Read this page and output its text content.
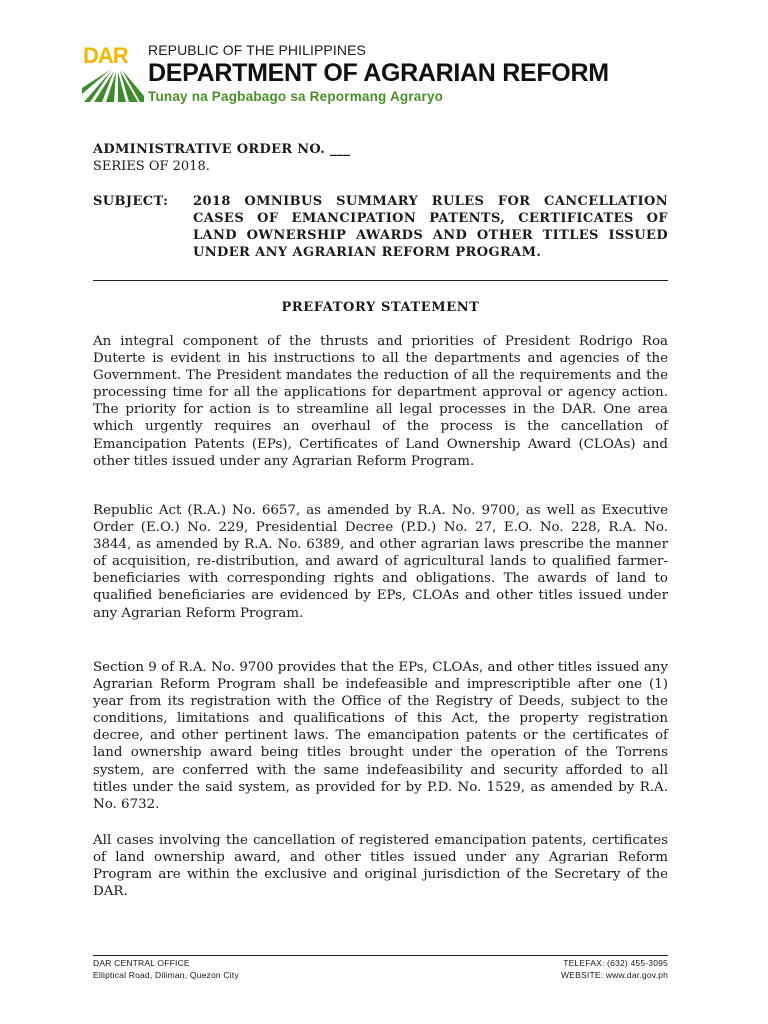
DAR REPUBLIC OF THE PHILIPPINES
DEPARTMENT OF AGRARIAN REFORM
Tunay na Pagbabago sa Repormang Agraryo
ADMINISTRATIVE ORDER NO. ___
SERIES OF 2018.
SUBJECT: 2018 OMNIBUS SUMMARY RULES FOR CANCELLATION CASES OF EMANCIPATION PATENTS, CERTIFICATES OF LAND OWNERSHIP AWARDS AND OTHER TITLES ISSUED UNDER ANY AGRARIAN REFORM PROGRAM.
PREFATORY STATEMENT
An integral component of the thrusts and priorities of President Rodrigo Roa Duterte is evident in his instructions to all the departments and agencies of the Government. The President mandates the reduction of all the requirements and the processing time for all the applications for department approval or agency action. The priority for action is to streamline all legal processes in the DAR. One area which urgently requires an overhaul of the process is the cancellation of Emancipation Patents (EPs), Certificates of Land Ownership Award (CLOAs) and other titles issued under any Agrarian Reform Program.
Republic Act (R.A.) No. 6657, as amended by R.A. No. 9700, as well as Executive Order (E.O.) No. 229, Presidential Decree (P.D.) No. 27, E.O. No. 228, R.A. No. 3844, as amended by R.A. No. 6389, and other agrarian laws prescribe the manner of acquisition, re-distribution, and award of agricultural lands to qualified farmer-beneficiaries with corresponding rights and obligations. The awards of land to qualified beneficiaries are evidenced by EPs, CLOAs and other titles issued under any Agrarian Reform Program.
Section 9 of R.A. No. 9700 provides that the EPs, CLOAs, and other titles issued any Agrarian Reform Program shall be indefeasible and imprescriptible after one (1) year from its registration with the Office of the Registry of Deeds, subject to the conditions, limitations and qualifications of this Act, the property registration decree, and other pertinent laws. The emancipation patents or the certificates of land ownership award being titles brought under the operation of the Torrens system, are conferred with the same indefeasibility and security afforded to all titles under the said system, as provided for by P.D. No. 1529, as amended by R.A. No. 6732.
All cases involving the cancellation of registered emancipation patents, certificates of land ownership award, and other titles issued under any Agrarian Reform Program are within the exclusive and original jurisdiction of the Secretary of the DAR.
DAR CENTRAL OFFICE
Elliptical Road, Diliman, Quezon City
TELEFAX: (632) 455-3095
WEBSITE: www.dar.gov.ph
